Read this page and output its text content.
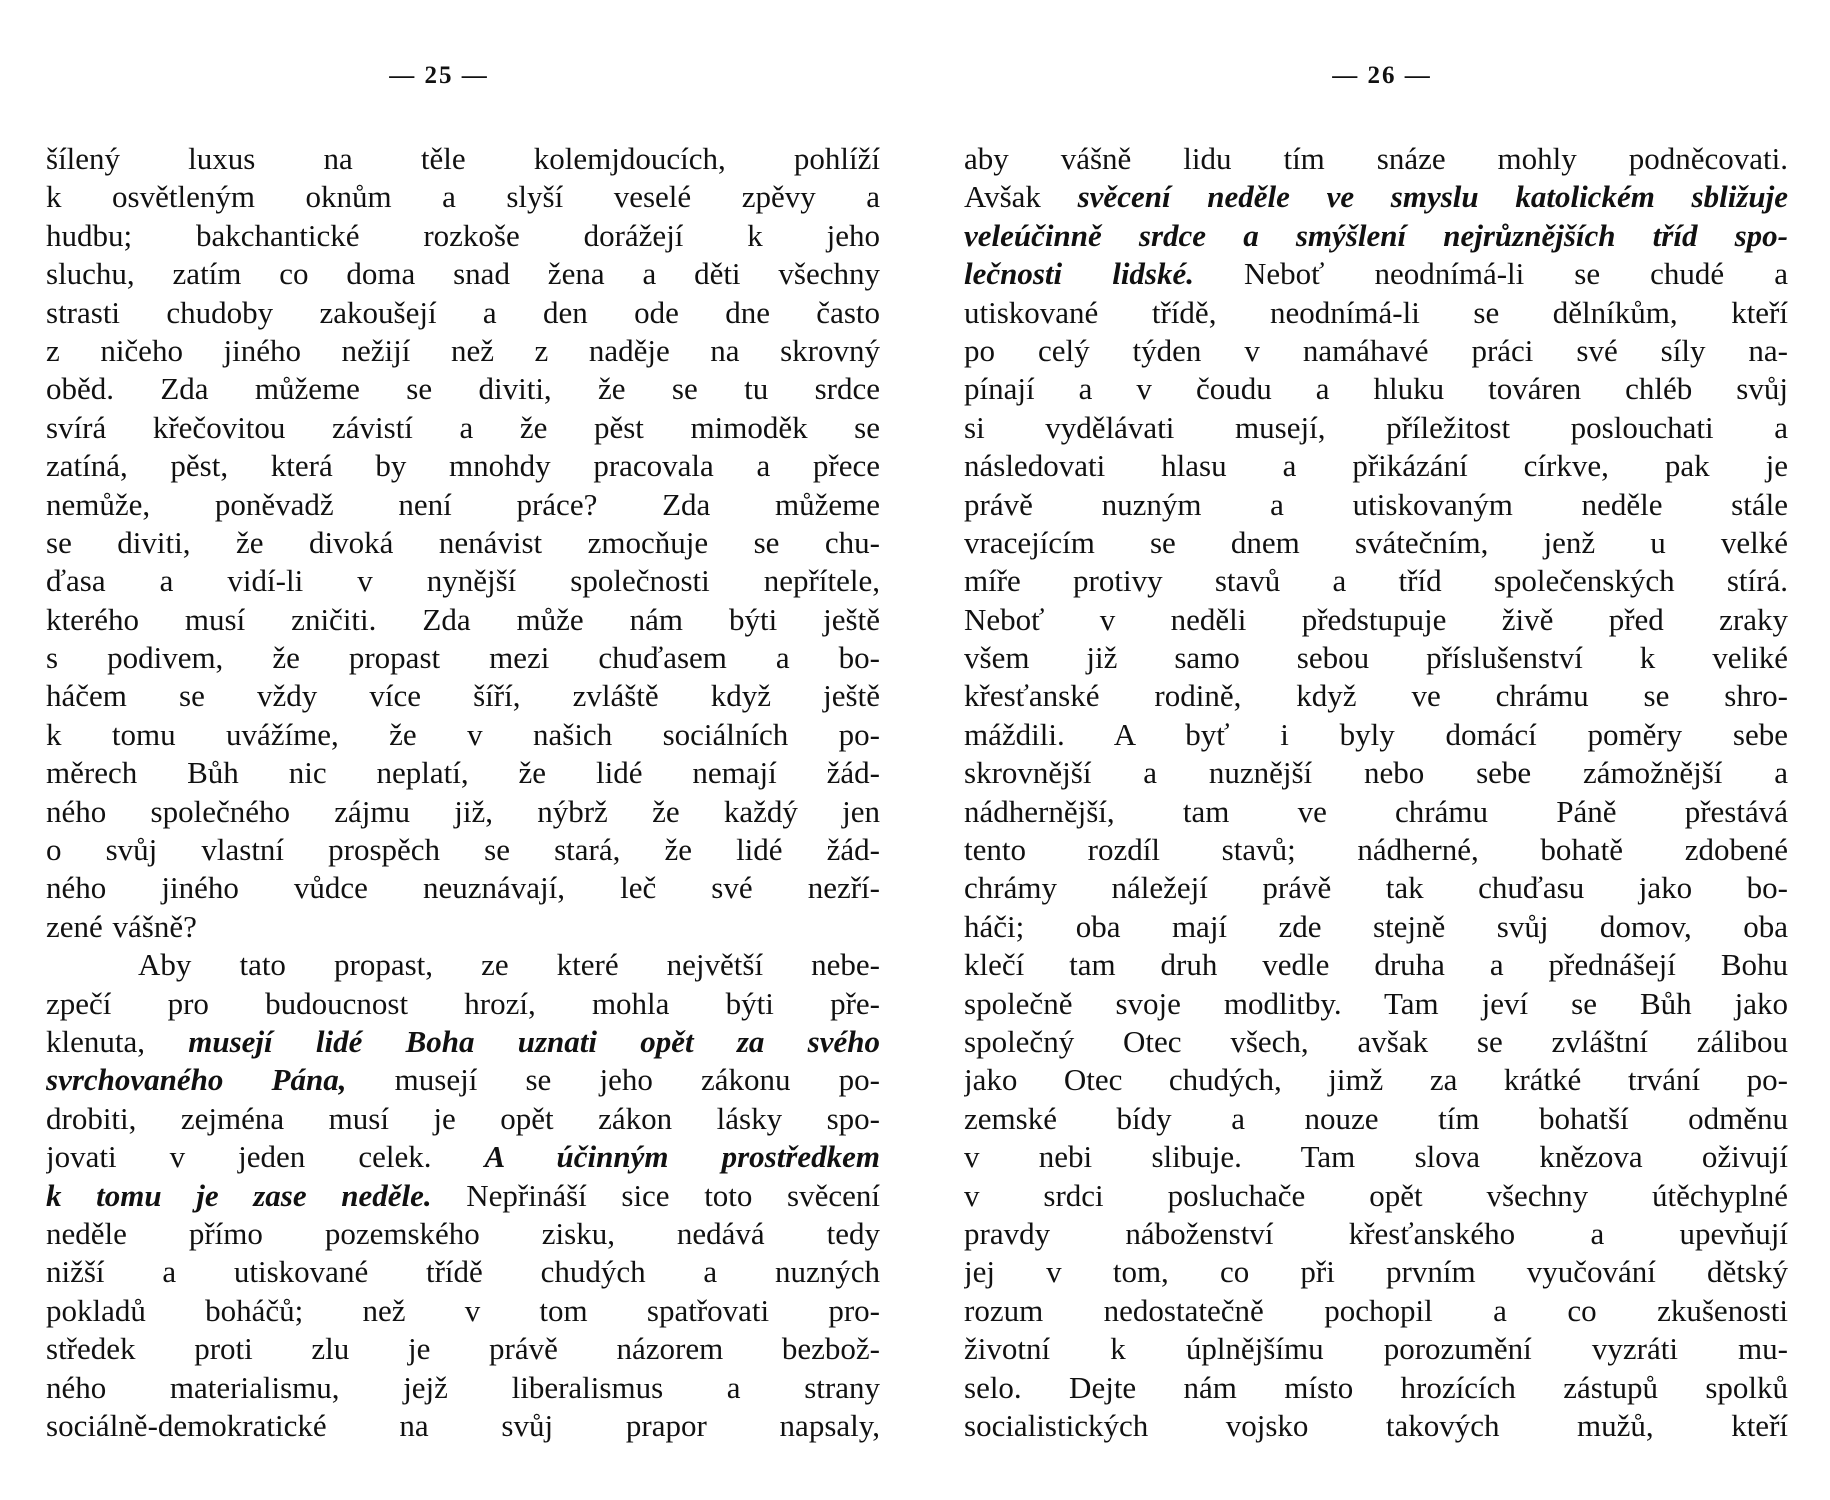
— 25 —
šílený luxus na těle kolemjdoucích, pohlíží
k osvětleným oknům a slyší veselé zpěvy a
hudbu; bakchantické rozkoše dorážejí k jeho
sluchu, zatím co doma snad žena a děti všechny
strasti chudoby zakoušejí a den ode dne často
z ničeho jiného nežijí než z naděje na skrovný
oběd. Zda můžeme se diviti, že se tu srdce
svírá křečovitou závistí a že pěst mimoděk se
zatíná, pěst, která by mnohdy pracovala a přece
nemůže, poněvadž není práce? Zda můžeme
se diviti, že divoká nenávist zmocňuje se chu-
ďasa a vidí-li v nynější společnosti nepřítele,
kterého musí zničiti. Zda může nám býti ještě
s podivem, že propast mezi chuďasem a bo-
háčem se vždy více šíří, zvláště když ještě
k tomu uvážíme, že v našich sociálních po-
měrech Bůh nic neplatí, že lidé nemají žád-
ného společného zájmu již, nýbrž že každý jen
o svůj vlastní prospěch se stará, že lidé žád-
ného jiného vůdce neuznávají, leč své nezří-
zené vášně?
Aby tato propast, ze které největší nebe-
zpečí pro budoucnost hrozí, mohla býti pře-
klenuta, musejí lidé Boha uznati opět za svého
svrchovaného Pána, musejí se jeho zákonu po-
drobiti, zejména musí je opět zákon lásky spo-
jovati v jeden celek. A účinným prostředkem
k tomu je zase neděle. Nepřináší sice toto svěcení
neděle přímo pozemského zisku, nedává tedy
nižší a utiskované třídě chudých a nuzných
pokladů boháčů; než v tom spatřovati pro-
středek proti zlu je právě názorem bezbož-
ného materialismu, jejž liberalismus a strany
sociálně-demokratické na svůj prapor napsaly,
— 26 —
aby vášně lidu tím snáze mohly podněcovati.
Avšak svěcení neděle ve smyslu katolickém sbližuje
veleúčinně srdce a smýšlení nejrůznějších tříd spo-
lečnosti lidské. Neboť neodnímá-li se chudé a
utiskované třídě, neodnímá-li se dělníkům, kteří
po celý týden v namáhavé práci své síly na-
pínají a v čoudu a hluku továren chléb svůj
si vydělávati musejí, příležitost poslouchati a
následovati hlasu a přikázání církve, pak je
právě nuzným a utiskovaným neděle stále
vracejícím se dnem svátečním, jenž u velké
míře protivy stavů a tříd společenských stírá.
Neboť v neděli předstupuje živě před zraky
všem již samo sebou příslušenství k veliké
křesťanské rodině, když ve chrámu se shro-
máždili. A byť i byly domácí poměry sebe
skrovnější a nuznější nebo sebe zámožnější a
nádhernější, tam ve chrámu Páně přestává
tento rozdíl stavů; nádherné, bohatě zdobené
chrámy náležejí právě tak chuďasu jako bo-
háči; oba mají zde stejně svůj domov, oba
klečí tam druh vedle druha a přednášejí Bohu
společně svoje modlitby. Tam jeví se Bůh jako
společný Otec všech, avšak se zvláštní zálibou
jako Otec chudých, jimž za krátké trvání po-
zemské bídy a nouze tím bohatší odměnu
v nebi slibuje. Tam slova knězova oživují
v srdci posluchače opět všechny útěchyplné
pravdy náboženství křesťanského a upevňují
jej v tom, co při prvním vyučování dětský
rozum nedostatečně pochopil a co zkušenosti
životní k úplnějšímu porozumění vyzráti mu-
selo. Dejte nám místo hrozících zástupů spolků
socialistických vojsko takových mužů, kteří
